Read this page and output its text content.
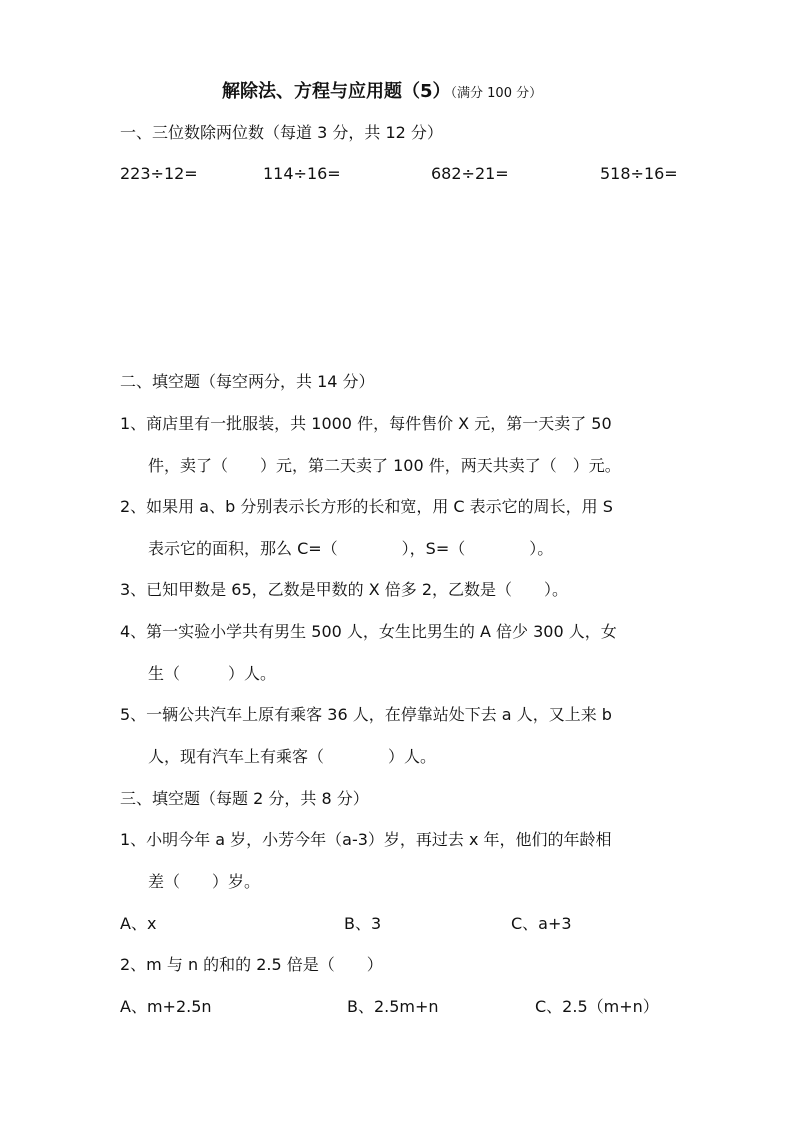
解除法、方程与应用题（5）（满分 100 分）
一、三位数除两位数（每道 3 分，共 12 分）
223÷12=	114÷16=	682÷21=	518÷16=
二、填空题（每空两分，共 14 分）
1、商店里有一批服装，共 1000 件，每件售价 X 元，第一天卖了 50
件，卖了（　　）元，第二天卖了 100 件，两天共卖了（　）元。
2、如果用 a、b 分别表示长方形的长和宽，用 C 表示它的周长，用 S
表示它的面积，那么 C=（　　　　），S=（　　　　）。
3、已知甲数是 65，乙数是甲数的 X 倍多 2，乙数是（　　）。
4、第一实验小学共有男生 500 人，女生比男生的 A 倍少 300 人，女
生（　　　）人。
5、一辆公共汽车上原有乘客 36 人，在停靠站处下去 a 人，又上来 b
人，现有汽车上有乘客（　　　　）人。
三、填空题（每题 2 分，共 8 分）
1、小明今年 a 岁，小芳今年（a-3）岁，再过去 x 年，他们的年龄相
差（　　）岁。
A、x	B、3	C、a+3
2、m 与 n 的和的 2.5 倍是（　　）
A、m+2.5n	B、2.5m+n	C、2.5（m+n）
